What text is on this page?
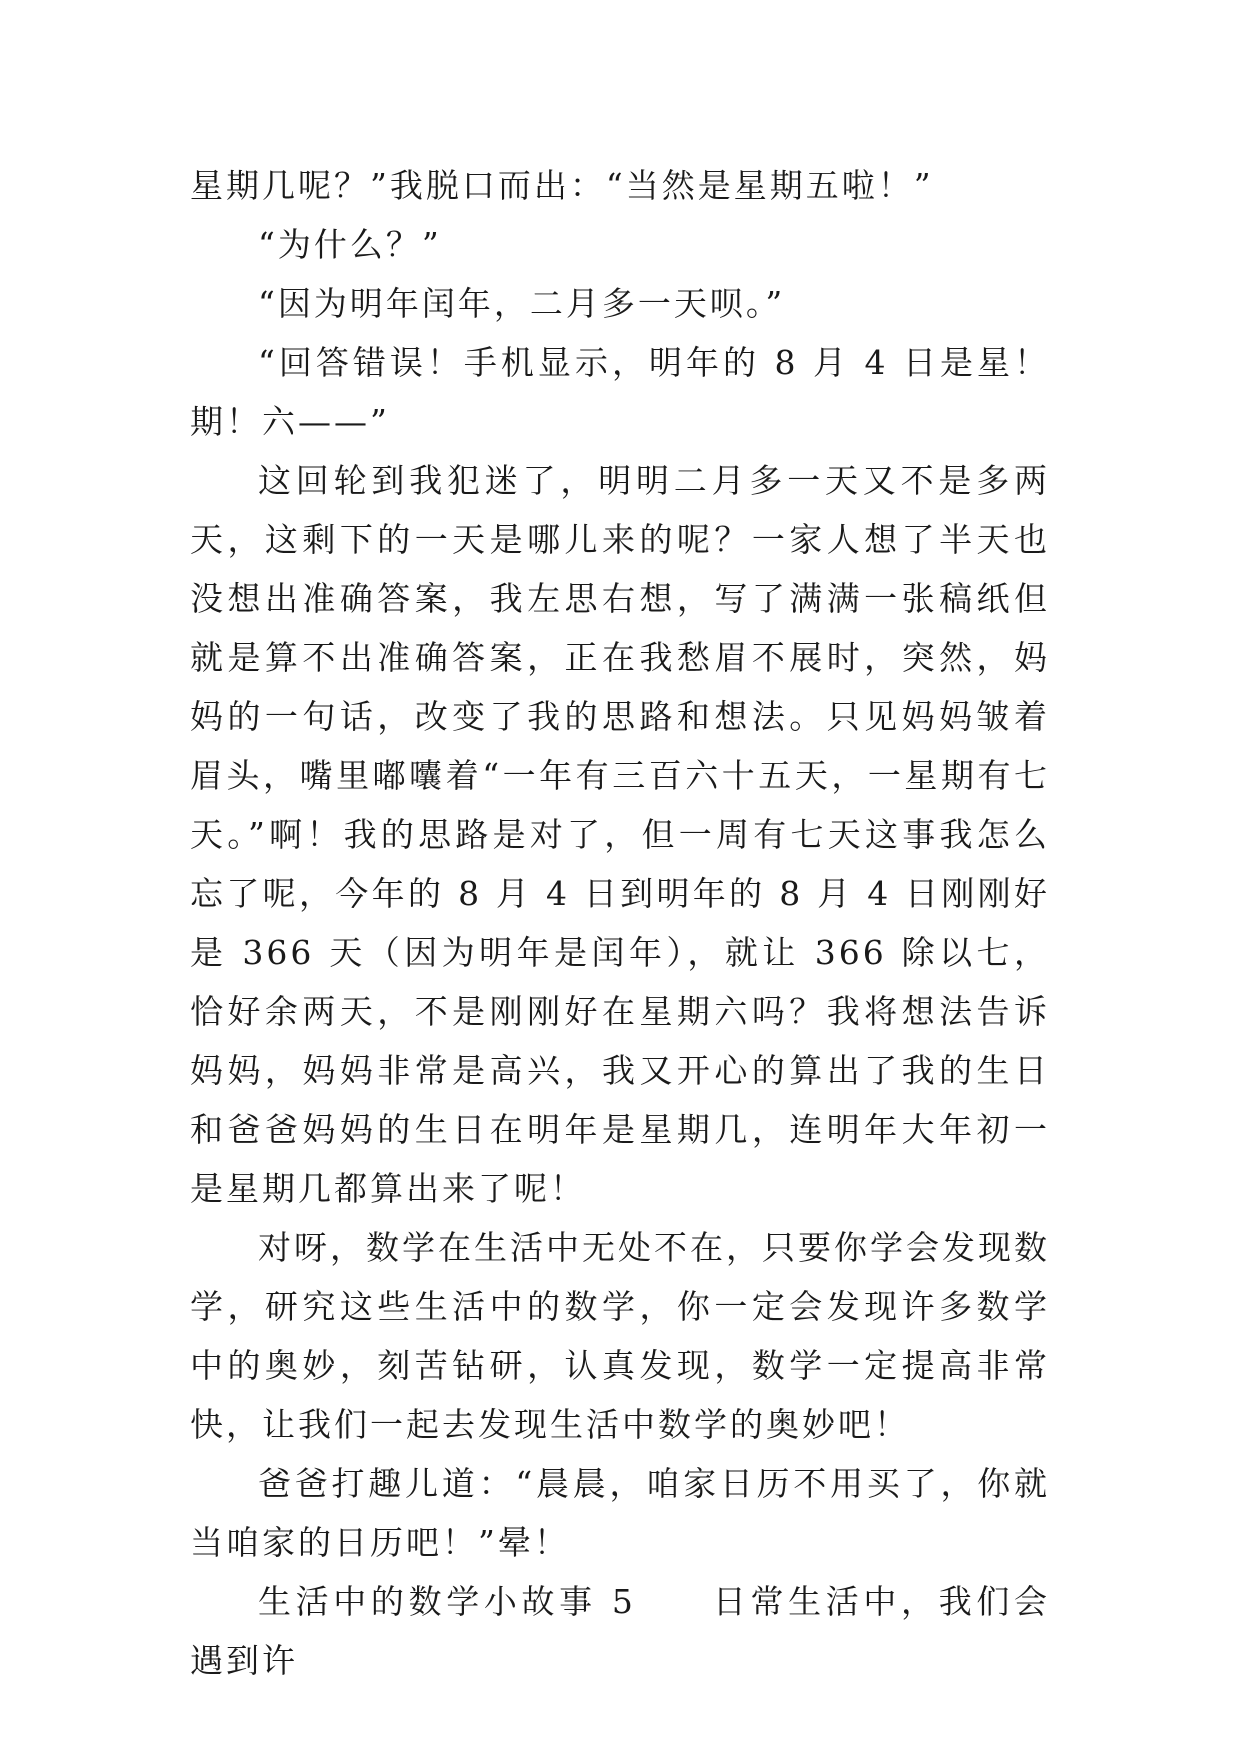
星期几呢？”我脱口而出：“当然是星期五啦！”

“为什么？”

“因为明年闰年，二月多一天呗。”

“回答错误！手机显示，明年的 8 月 4 日是星！期！六——”

这回轮到我犯迷了，明明二月多一天又不是多两天，这剩下的一天是哪儿来的呢？一家人想了半天也没想出准确答案，我左思右想，写了满满一张稿纸但就是算不出准确答案，正在我愁眉不展时，突然，妈妈的一句话，改变了我的思路和想法。只见妈妈皱着眉头，嘴里嘟囔着“一年有三百六十五天，一星期有七天。”啊！我的思路是对了，但一周有七天这事我怎么忘了呢，今年的 8 月 4 日到明年的 8 月 4 日刚刚好是 366 天（因为明年是闰年），就让 366 除以七，恰好余两天，不是刚刚好在星期六吗？我将想法告诉妈妈，妈妈非常是高兴，我又开心的算出了我的生日和爸爸妈妈的生日在明年是星期几，连明年大年初一是星期几都算出来了呢！

对呀，数学在生活中无处不在，只要你学会发现数学，研究这些生活中的数学，你一定会发现许多数学中的奥妙，刻苦钻研，认真发现，数学一定提高非常快，让我们一起去发现生活中数学的奥妙吧！

爸爸打趣儿道：“晨晨，咱家日历不用买了，你就当咱家的日历吧！”晕！

生活中的数学小故事 5　　日常生活中，我们会遇到许
